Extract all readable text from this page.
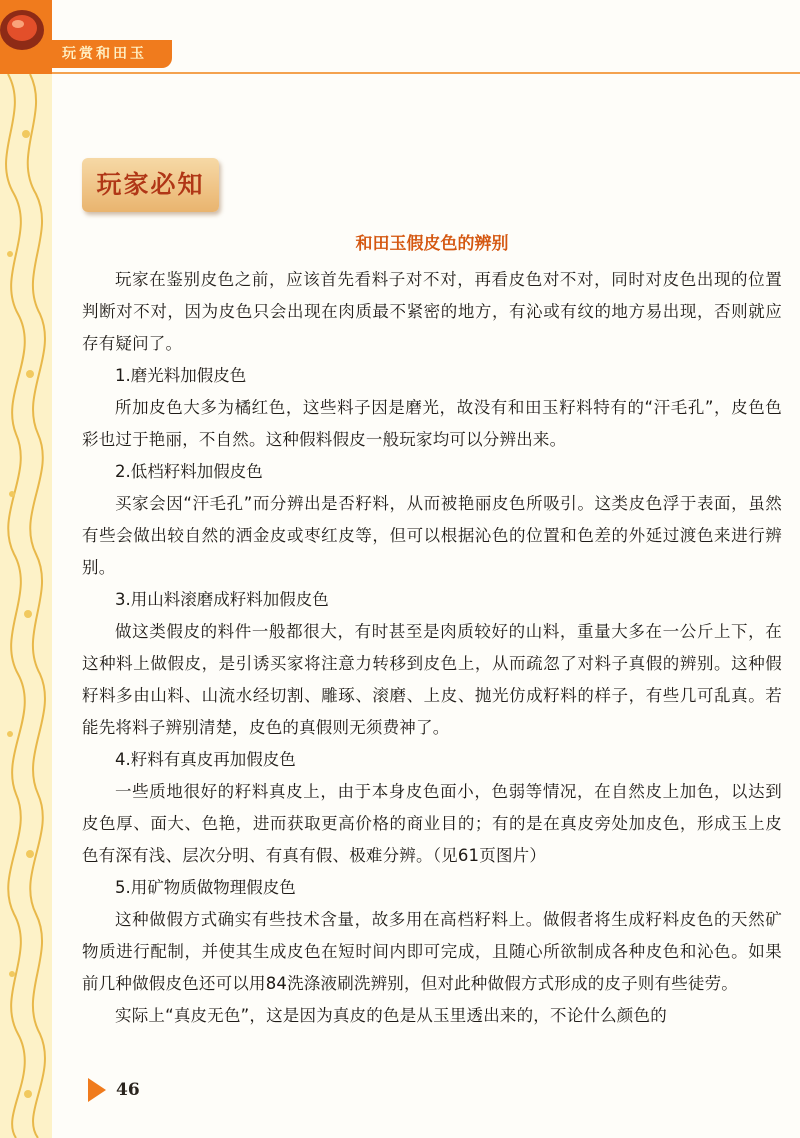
玩赏和田玉
玩家必知
和田玉假皮色的辨别

玩家在鉴别皮色之前，应该首先看料子对不对，再看皮色对不对，同时对皮色出现的位置判断对不对，因为皮色只会出现在肉质最不紧密的地方，有沁或有纹的地方易出现，否则就应存有疑问了。

1.磨光料加假皮色

所加皮色大多为橘红色，这些料子因是磨光，故没有和田玉籽料特有的“汗毛孔”，皮色色彩也过于艳丽，不自然。这种假料假皮一般玩家均可以分辨出来。

2.低档籽料加假皮色

买家会因“汗毛孔”而分辨出是否籽料，从而被艳丽皮色所吸引。这类皮色浮于表面，虽然有些会做出较自然的洒金皮或枣红皮等，但可以根据沁色的位置和色差的外延过渡色来进行辨别。

3.用山料滚磨成籽料加假皮色

做这类假皮的料件一般都很大，有时甚至是肉质较好的山料，重量大多在一公斤上下，在这种料上做假皮，是引诱买家将注意力转移到皮色上，从而疏忽了对料子真假的辨别。这种假籽料多由山料、山流水经切割、雕琢、滚磨、上皮、抛光仿成籽料的样子，有些几可乱真。若能先将料子辨别清楚，皮色的真假则无须费神了。

4.籽料有真皮再加假皮色

一些质地很好的籽料真皮上，由于本身皮色面小，色弱等情况，在自然皮上加色，以达到皮色厚、面大、色艳，进而获取更高价格的商业目的；有的是在真皮旁处加皮色，形成玉上皮色有深有浅、层次分明、有真有假、极难分辨。（见61页图片）

5.用矿物质做物理假皮色

这种做假方式确实有些技术含量，故多用在高档籽料上。做假者将生成籽料皮色的天然矿物质进行配制，并使其生成皮色在短时间内即可完成，且随心所欲制成各种皮色和沁色。如果前几种做假皮色还可以用84洗涤液刷洗辨别，但对此种做假方式形成的皮子则有些徒劳。

实际上“真皮无色”，这是因为真皮的色是从玉里透出来的，不论什么颜色的

46
